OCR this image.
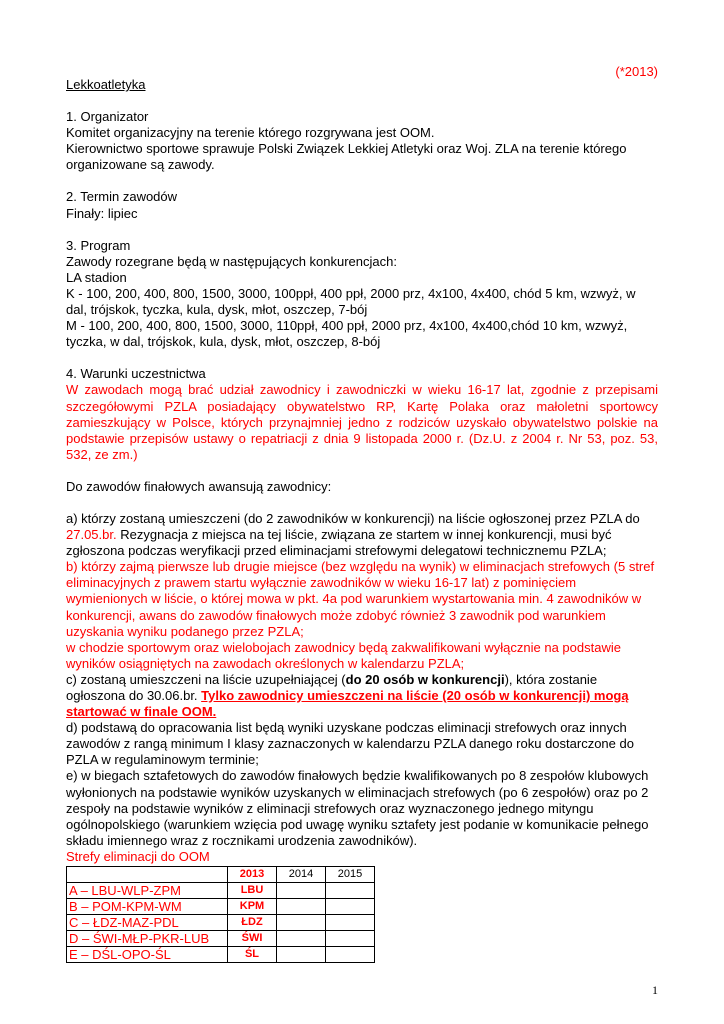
(*2013)

Lekkoatletyka

1. Organizator

Komitet organizacyjny na terenie którego rozgrywana jest OOM.

Kierownictwo sportowe sprawuje Polski Związek Lekkiej Atletyki oraz Woj. ZLA na terenie którego organizowane są zawody.

2. Termin zawodów

Finały: lipiec

3. Program

Zawody rozegrane będą w następujących konkurencjach:

LA stadion

K - 100, 200, 400, 800, 1500, 3000, 100ppł, 400 ppł, 2000 prz, 4x100, 4x400, chód 5 km, wzwyż, w dal, trójskok, tyczka, kula, dysk, młot, oszczep, 7-bój

M - 100, 200, 400, 800, 1500, 3000, 110ppł, 400 ppł, 2000 prz, 4x100, 4x400,chód 10 km, wzwyż, tyczka, w dal, trójskok, kula, dysk, młot, oszczep, 8-bój

4. Warunki uczestnictwa

W zawodach mogą brać udział zawodnicy i zawodniczki w wieku 16-17 lat, zgodnie z przepisami szczegółowymi PZLA posiadający obywatelstwo RP, Kartę Polaka oraz małoletni sportowcy zamieszkujący w Polsce, których przynajmniej jedno z rodziców uzyskało obywatelstwo polskie na podstawie przepisów ustawy o repatriacji z dnia 9 listopada 2000 r. (Dz.U. z 2004 r. Nr 53, poz. 53, 532, ze zm.)

Do zawodów finałowych awansują zawodnicy:

a) którzy zostaną umieszczeni (do 2 zawodników w konkurencji) na liście ogłoszonej przez PZLA do
27.05.br. Rezygnacja z miejsca na tej liście, związana ze startem w innej konkurencji, musi być zgłoszona podczas weryfikacji przed eliminacjami strefowymi delegatowi technicznemu PZLA;

b) którzy zajmą pierwsze lub drugie miejsce (bez względu na wynik) w eliminacjach strefowych (5 stref eliminacyjnych z prawem startu wyłącznie zawodników w wieku 16-17 lat) z pominięciem wymienionych w liście, o której mowa w pkt. 4a pod warunkiem wystartowania min. 4 zawodników w konkurencji, awans do zawodów finałowych może zdobyć również 3 zawodnik pod warunkiem uzyskania wyniku podanego przez PZLA;

w chodzie sportowym oraz wielobojach zawodnicy będą zakwalifikowani wyłącznie na podstawie wyników osiągniętych na zawodach określonych w kalendarzu PZLA;

c) zostaną umieszczeni na liście uzupełniającej (do 20 osób w konkurencji), która zostanie ogłoszona do 30.06.br. Tylko zawodnicy umieszczeni na liście (20 osób w konkurencji) mogą startować w finale OOM.

d) podstawą do opracowania list będą wyniki uzyskane podczas eliminacji strefowych oraz innych zawodów z rangą minimum I klasy zaznaczonych w kalendarzu PZLA danego roku dostarczone do PZLA w regulaminowym terminie;

e) w biegach sztafetowych do zawodów finałowych będzie kwalifikowanych po 8 zespołów klubowych wyłonionych na podstawie wyników uzyskanych w eliminacjach strefowych (po 6 zespołów) oraz po 2 zespoły na podstawie wyników z eliminacji strefowych oraz wyznaczonego jednego mityngu ogólnopolskiego (warunkiem wzięcia pod uwagę wyniku sztafety jest podanie w komunikacie pełnego składu imiennego wraz z rocznikami urodzenia zawodników).

Strefy eliminacji do OOM

	2013	2014	2015
A – LBU-WLP-ZPM	LBU		
B – POM-KPM-WM	KPM		
C – ŁDZ-MAZ-PDL	ŁDZ		
D – ŚWI-MŁP-PKR-LUB	ŚWI		
E – DŚL-OPO-ŚL	ŚL		
1
